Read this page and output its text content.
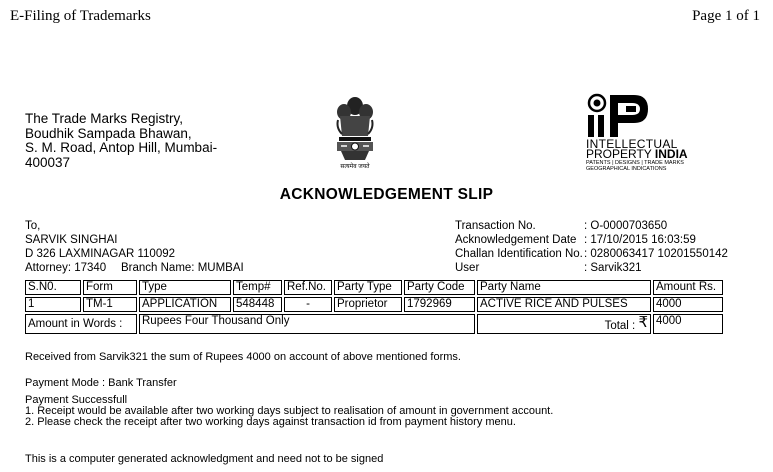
E-Filing of Trademarks	Page 1 of 1
The Trade Marks Registry,
Boudhik Sampada Bhawan,
S. M. Road, Antop Hill, Mumbai-
400037	सत्यमेव जयते
INTELLECTUAL
PROPERTY INDIA
PATENTS | DESIGNS | TRADE MARKS
GEOGRAPHICAL INDICATIONS
ACKNOWLEDGEMENT SLIP
To,
SARVIK SINGHAI
D 326 LAXMINAGAR 110092
Attorney: 17340 Branch Name: MUMBAI
Transaction No.	: O-0000703650
Acknowledgement Date : 17/10/2015 16:03:59
Challan Identification No. : 0280063417 10201550142
User	: Sarvik321
S.N0.	Form	Type	Temp#	Ref.No.	Party Type	Party Code	Party Name	Amount Rs.
1	TM-1	APPLICATION	548448	-	Proprietor	1792969	ACTIVE RICE AND PULSES	4000
Amount in Words :		Rupees Four Thousand Only					Total : ₹	4000
Received from Sarvik321 the sum of Rupees 4000 on account of above mentioned forms.
Payment Mode : Bank Transfer
Payment Successfull
1. Receipt would be available after two working days subject to realisation of amount in government account.
2. Please check the receipt after two working days against transaction id from payment history menu.
This is a computer generated acknowledgment and need not to be signed
